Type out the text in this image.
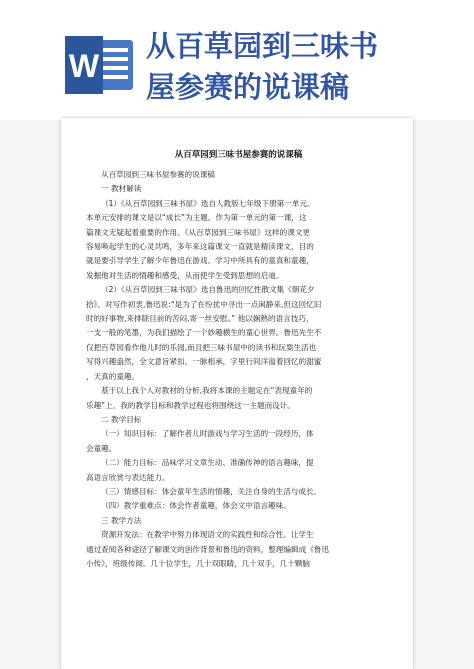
W
从百草园到三味书
屋参赛的说课稿
从百草园到三味书屋参赛的说课稿
从百草园到三味书屋参赛的说课稿
一 教材解读
（1）《从百草园到三味书屋》选自人教版七年级下册第一单元。
本单元安排的课文是以“成长”为主题。作为第一单元的第一课，这
篇课文无疑起着重要的作用。《从百草园到三味书屋》这样的课文更
容易唤起学生的心灵共鸣，多年来这篇课文一直就是精读课文，目的
就是要引导学生了解少年鲁迅在游戏、学习中所具有的童真和童趣，
发掘他对生活的情趣和感受，从而使学生受到思想的启迪。
（2）《从百草园到三味书屋》选自鲁迅的回忆性散文集《朝花夕
拾》。对写作初衷,鲁迅说:“是为了在纷扰中寻出一点闲静来,但这回忆旧
时的好事物,来排除目前的苦闷,寄一丝安慰。” 他以娴熟的语言技巧，
一支一般的笔墨，为我们描绘了一个妙趣横生的童心世界。鲁迅先生不
仅把百草园看作他儿时的乐园,而且把三味书屋中的读书和玩耍生活也
写得兴趣盎然，全文意旨紧扣，一脉相承，字里行间洋溢着回忆的甜蜜
，天真的童趣。
基于以上我个人对教材的分析,我将本课的主题定在“表现童年的
乐趣”上。我的教学目标和教学过程也将围绕这一主题而设计。
二 教学目标
（一）知识目标：了解作者儿时游戏与学习生活的一段经历，体
会童趣。
（二）能力目标：品味学习文章生动、准确传神的语言趣味，提
高语言欣赏与表达能力。
（三）情感目标：体会童年生活的情趣，关注自身的生活与成长。
（四）教学重难点：体会作者童趣，体会文中语言趣味。
三 教学方法
资源开发法：在教学中努力体现语文的实践性和综合性。让学生
通过查阅各种途径了解课文的创作背景和鲁迅的资料，整理编辑成《鲁迅
小传》，班级传阅。几十位学生，几十双眼睛，几十双手，几十颗脑
